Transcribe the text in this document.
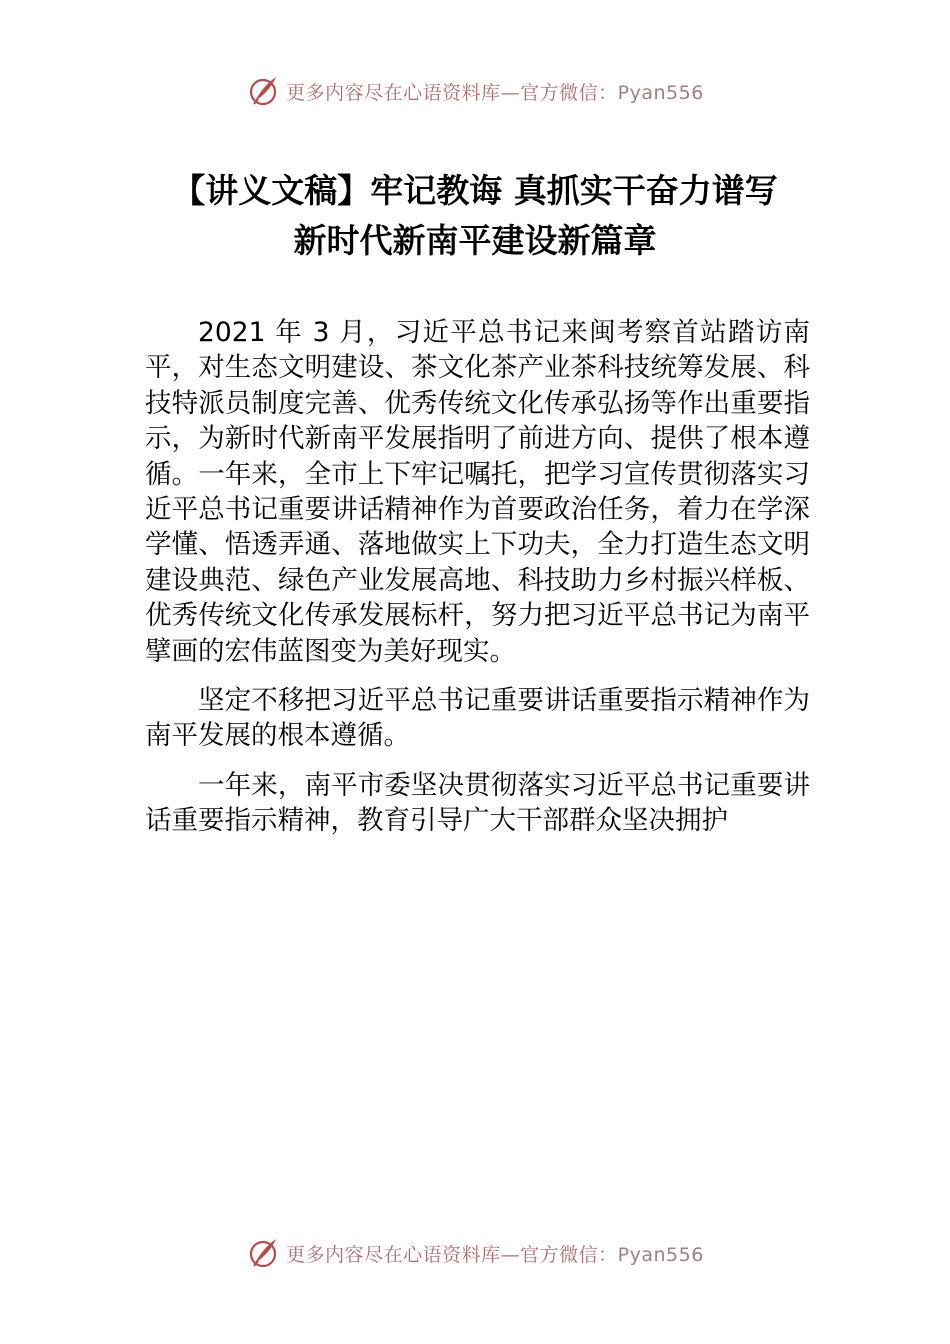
更多内容尽在心语资料库—官方微信：Pyan556
【讲义文稿】牢记教诲 真抓实干奋力谱写
新时代新南平建设新篇章

2021 年 3 月，习近平总书记来闽考察首站踏访南平，对生态文明建设、茶文化茶产业茶科技统筹发展、科技特派员制度完善、优秀传统文化传承弘扬等作出重要指示，为新时代新南平发展指明了前进方向、提供了根本遵循。一年来，全市上下牢记嘱托，把学习宣传贯彻落实习近平总书记重要讲话精神作为首要政治任务，着力在学深学懂、悟透弄通、落地做实上下功夫，全力打造生态文明建设典范、绿色产业发展高地、科技助力乡村振兴样板、优秀传统文化传承发展标杆，努力把习近平总书记为南平擘画的宏伟蓝图变为美好现实。

坚定不移把习近平总书记重要讲话重要指示精神作为南平发展的根本遵循。

一年来，南平市委坚决贯彻落实习近平总书记重要讲话重要指示精神，教育引导广大干部群众坚决拥护

更多内容尽在心语资料库—官方微信：Pyan556
